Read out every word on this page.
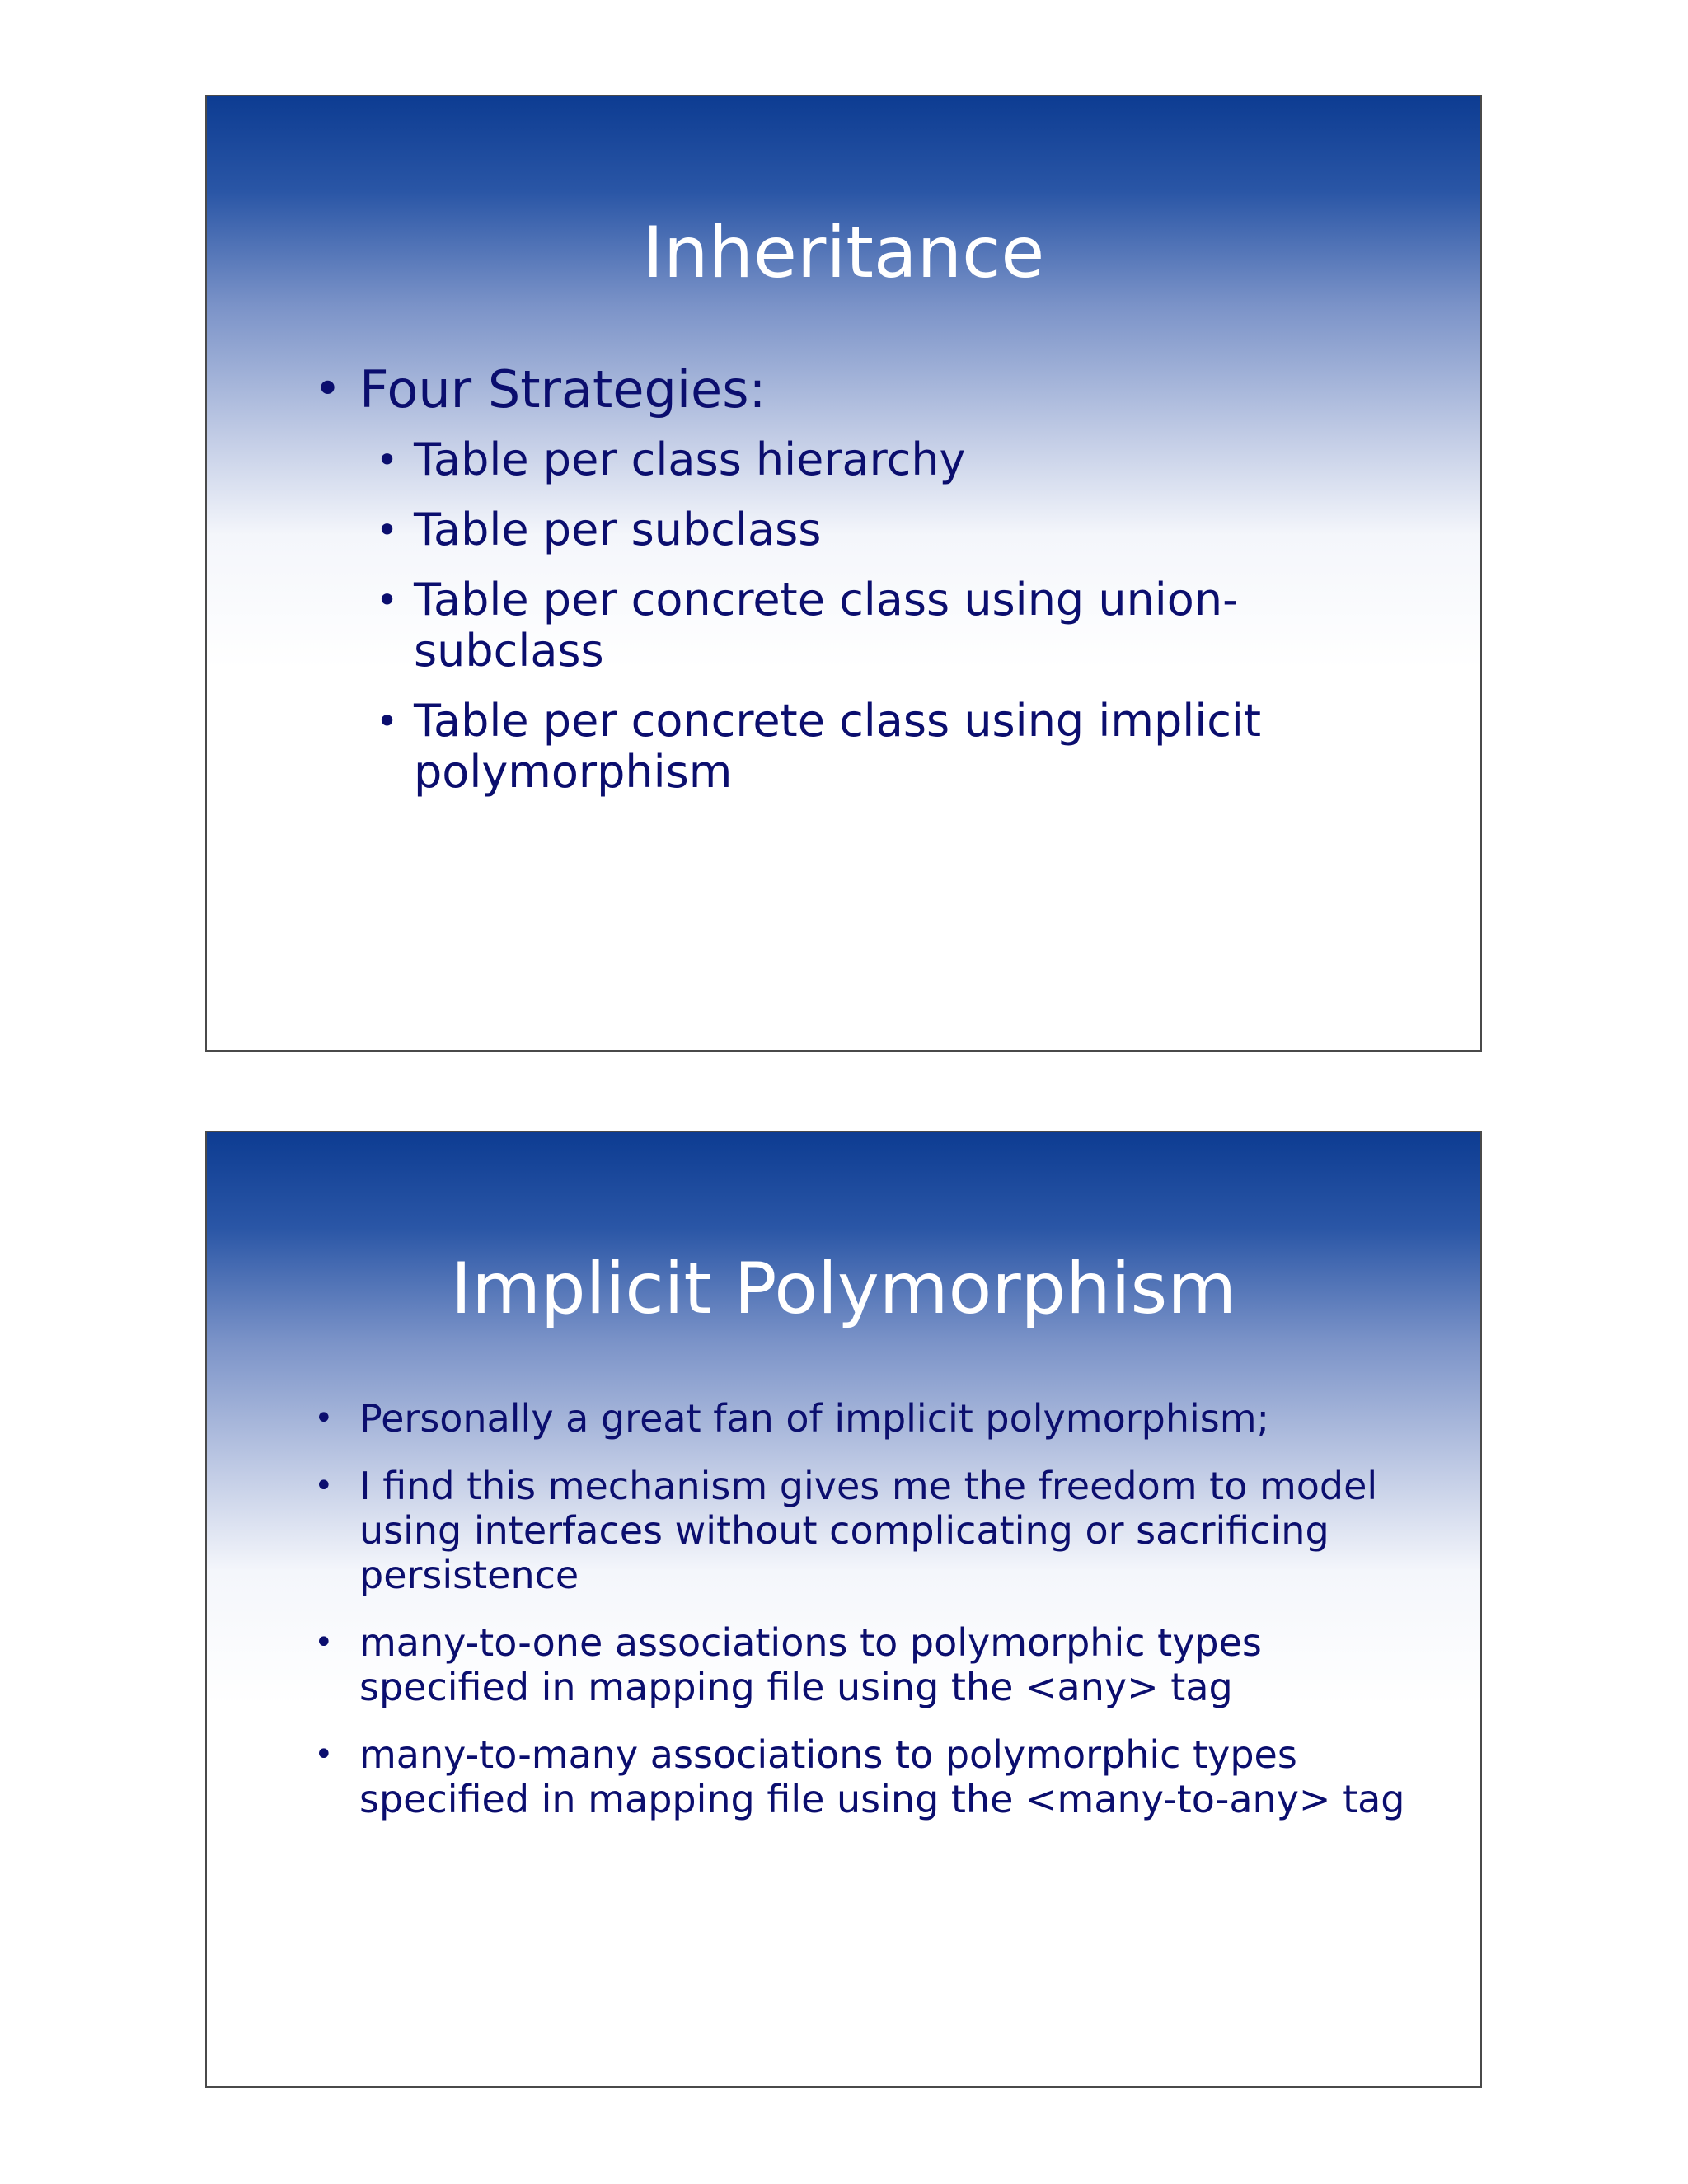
Inheritance
• Four Strategies:
• Table per class hierarchy
• Table per subclass
• Table per concrete class using union-subclass
• Table per concrete class using implicit polymorphism
Implicit Polymorphism
• Personally a great fan of implicit polymorphism;
• I find this mechanism gives me the freedom to model using interfaces without complicating or sacrificing persistence
• many-to-one associations to polymorphic types specified in mapping file using the <any> tag
• many-to-many associations to polymorphic types specified in mapping file using the <many-to-any> tag
